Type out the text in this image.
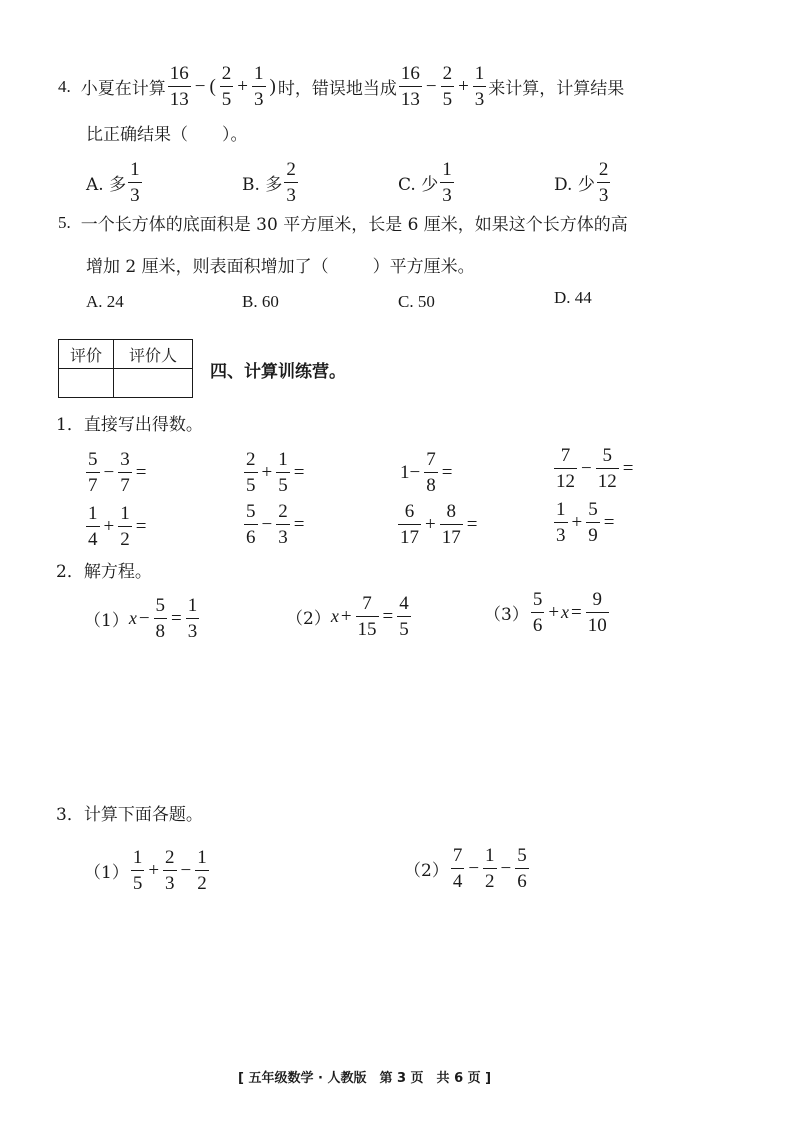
4. 小夏在计算 $\frac{16}{13}$ − ( $\frac{2}{5} + \frac{1}{3}$ ) 时，错误地当成 $\frac{16}{13} - \frac{2}{5} + \frac{1}{3}$ 来计算，计算结果
比正确结果（ ）。
A. 多 $\frac{1}{3}$	B. 多 $\frac{2}{3}$	C. 少 $\frac{1}{3}$	D. 少 $\frac{2}{3}$
5. 一个长方体的底面积是 30 平方厘米，长是 6 厘米，如果这个长方体的高
增加 2 厘米，则表面积增加了（	）平方厘米。
A. 24	B. 60	C. 50	D. 44
评价	评价人

四、计算训练营。
1．直接写出得数。
$\frac{5}{7} - \frac{3}{7}$ =	$\frac{2}{5} + \frac{1}{5}$ =	$1- \frac{7}{8}$ =	$\frac{7}{12} - \frac{5}{12}$ =
$\frac{1}{4} + \frac{1}{2}$ =	$\frac{5}{6} - \frac{2}{3}$ =	$\frac{6}{17} + \frac{8}{17}$ =	$\frac{1}{3} + \frac{5}{9}$ =
2．解方程。
（1） $x - \frac{5}{8} = \frac{1}{3}$	（2） $x + \frac{7}{15} = \frac{4}{5}$	$(3) \frac{5}{6} + x = \frac{9}{10}$
3．计算下面各题。
$(1) \frac{1}{5} + \frac{2}{3} - \frac{1}{2}$	$(2) \frac{7}{4} - \frac{1}{2} - \frac{5}{6}$
[ 五年级数学 · 人教版　第 3 页　共 6 页 ]
